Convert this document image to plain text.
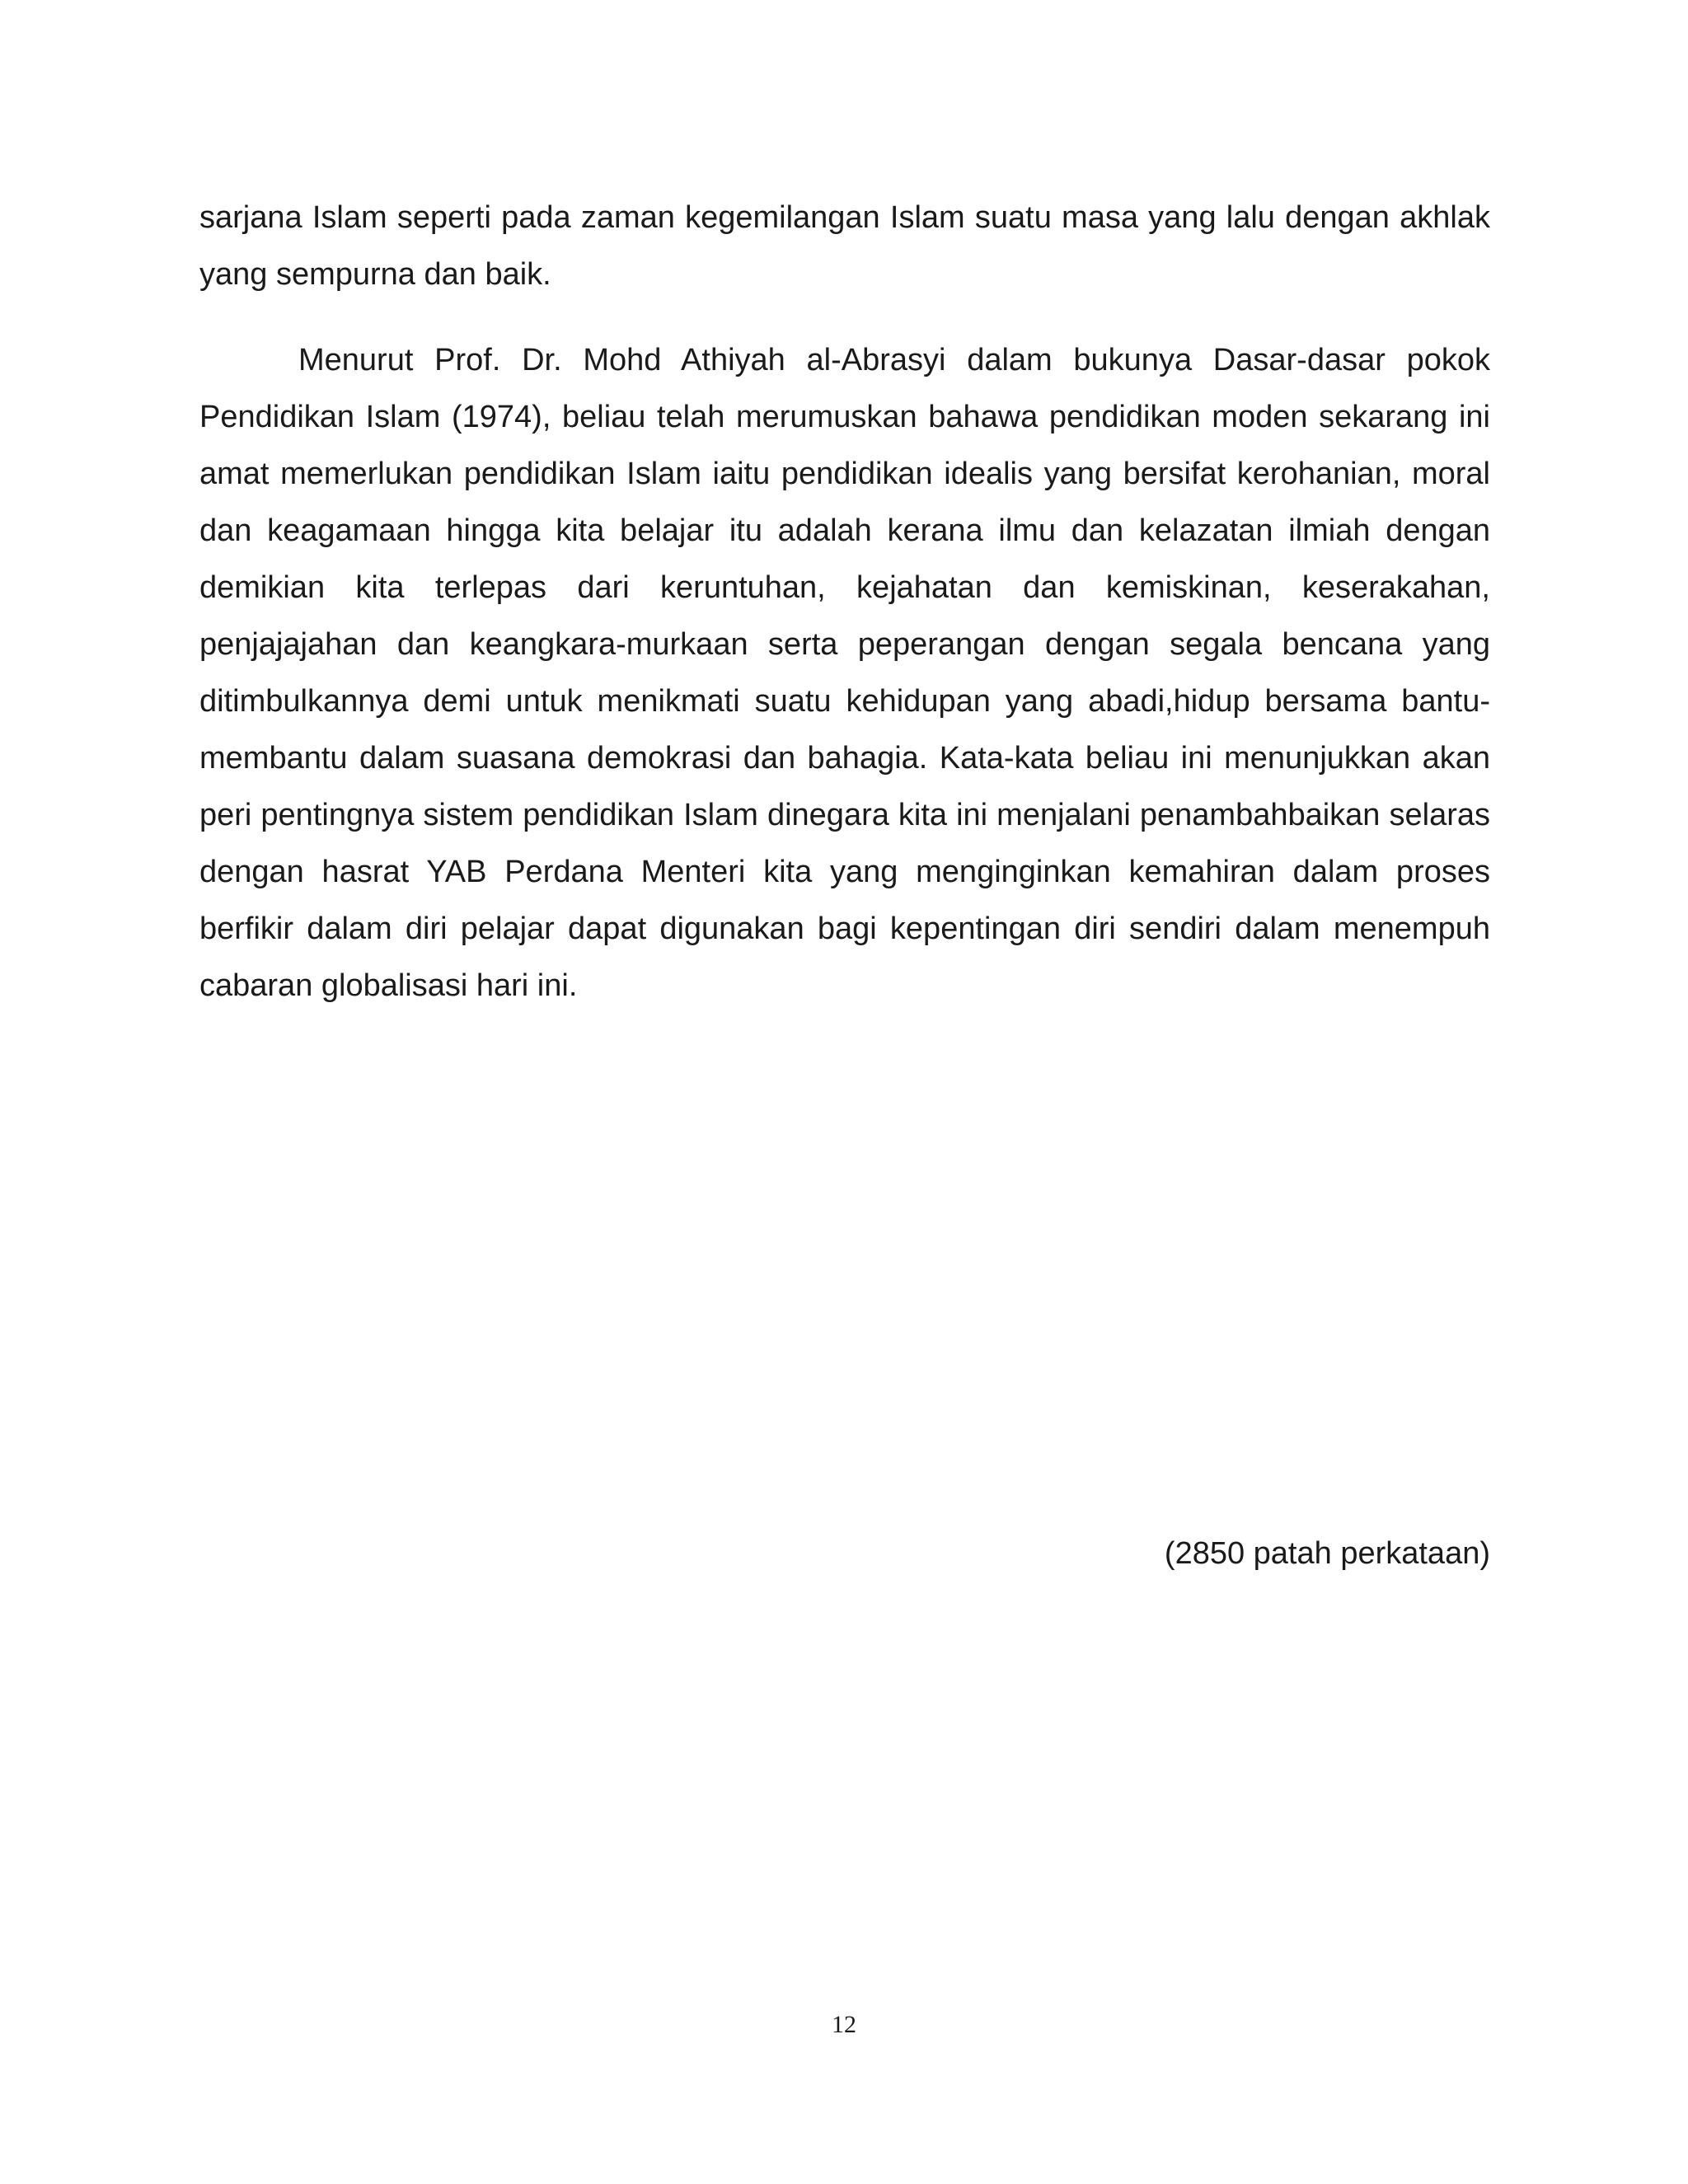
sarjana Islam seperti pada zaman kegemilangan Islam suatu masa yang lalu dengan akhlak yang sempurna dan baik.

Menurut Prof. Dr. Mohd Athiyah al-Abrasyi dalam bukunya Dasar-dasar pokok Pendidikan Islam (1974), beliau telah merumuskan bahawa pendidikan moden sekarang ini amat memerlukan pendidikan Islam iaitu pendidikan idealis yang bersifat kerohanian, moral dan keagamaan hingga kita belajar itu adalah kerana ilmu dan kelazatan ilmiah dengan demikian kita terlepas dari keruntuhan, kejahatan dan kemiskinan, keserakahan, penjajajahan dan keangkara-murkaan serta peperangan dengan segala bencana yang ditimbulkannya demi untuk menikmati suatu kehidupan yang abadi,hidup bersama bantu-membantu dalam suasana demokrasi dan bahagia. Kata-kata beliau ini menunjukkan akan peri pentingnya sistem pendidikan Islam dinegara kita ini menjalani penambahbaikan selaras dengan hasrat YAB Perdana Menteri kita yang menginginkan kemahiran dalam proses berfikir dalam diri pelajar dapat digunakan bagi kepentingan diri sendiri dalam menempuh cabaran globalisasi hari ini.

(2850 patah perkataan)

12
